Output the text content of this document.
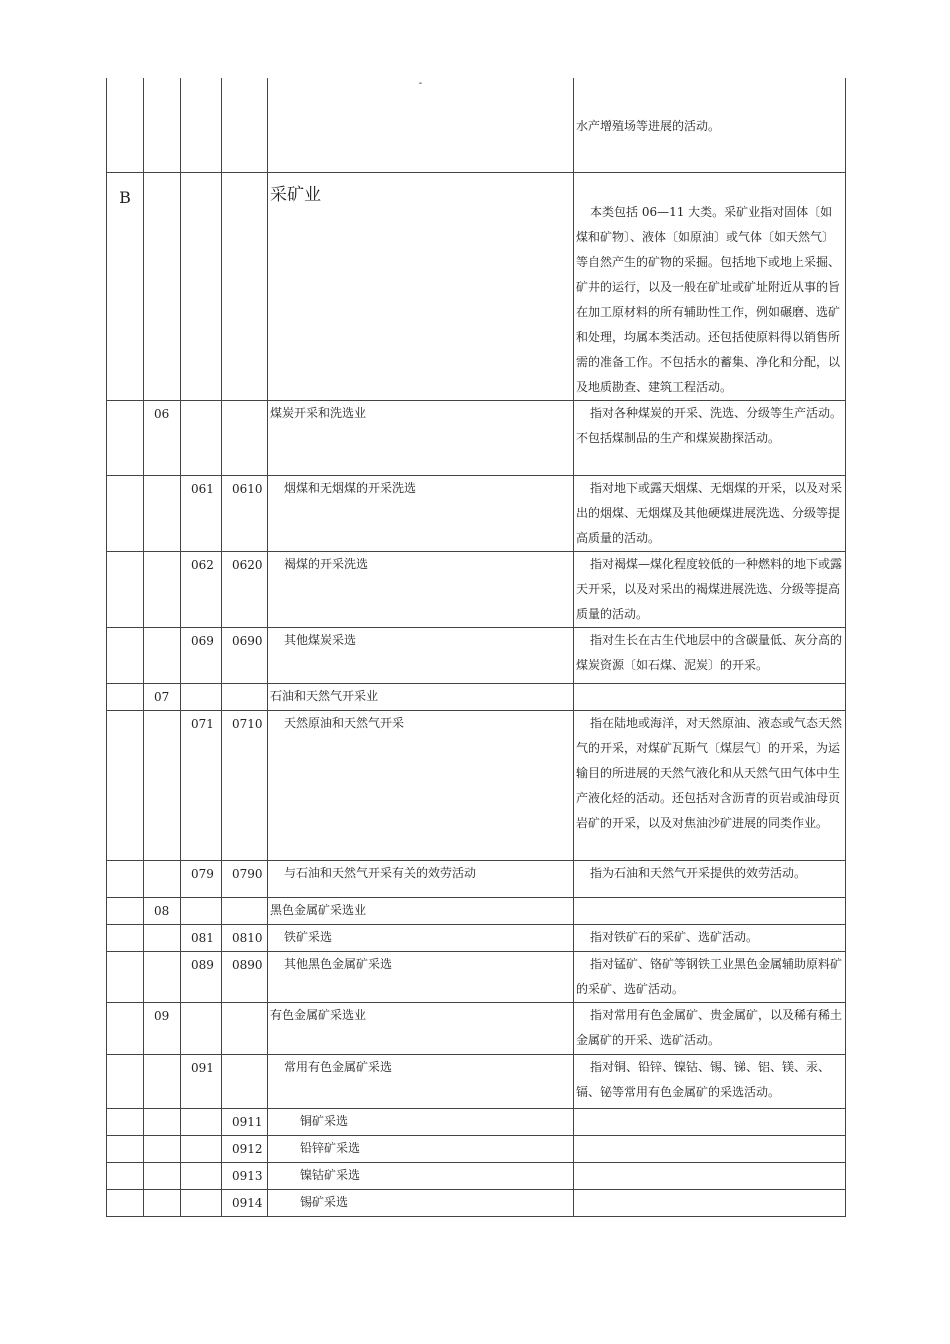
				-	水产增殖场等进展的活动。

B				采矿业	本类包括 06—11 大类。采矿业指对固体〔如煤和矿物〕、液体〔如原油〕或气体〔如天然气〕等自然产生的矿物的采掘。包括地下或地上采掘、矿井的运行，以及一般在矿址或矿址附近从事的旨在加工原材料的所有辅助性工作，例如碾磨、选矿和处理，均属本类活动。还包括使原料得以销售所需的准备工作。不包括水的蓄集、净化和分配，以及地质勘查、建筑工程活动。

	06			煤炭开采和洗选业	指对各种煤炭的开采、洗选、分级等生产活动。不包括煤制品的生产和煤炭勘探活动。

		061	0610	烟煤和无烟煤的开采洗选	指对地下或露天烟煤、无烟煤的开采，以及对采出的烟煤、无烟煤及其他硬煤进展洗选、分级等提高质量的活动。

		062	0620	褐煤的开采洗选	指对褐煤—煤化程度较低的一种燃料的地下或露天开采，以及对采出的褐煤进展洗选、分级等提高质量的活动。

		069	0690	其他煤炭采选	指对生长在古生代地层中的含碳量低、灰分高的煤炭资源〔如石煤、泥炭〕的开采。

	07			石油和天然气开采业	

		071	0710	天然原油和天然气开采	指在陆地或海洋，对天然原油、液态或气态天然气的开采，对煤矿瓦斯气〔煤层气〕的开采，为运输目的所进展的天然气液化和从天然气田气体中生产液化烃的活动。还包括对含沥青的页岩或油母页岩矿的开采，以及对焦油沙矿进展的同类作业。

		079	0790	与石油和天然气开采有关的效劳活动	指为石油和天然气开采提供的效劳活动。

	08			黑色金属矿采选业	

		081	0810	铁矿采选	指对铁矿石的采矿、选矿活动。

		089	0890	其他黑色金属矿采选	指对锰矿、铬矿等钢铁工业黑色金属辅助原料矿的采矿、选矿活动。

	09			有色金属矿采选业	指对常用有色金属矿、贵金属矿，以及稀有稀土金属矿的开采、选矿活动。

		091		常用有色金属矿采选	指对铜、铅锌、镍钴、锡、锑、铝、镁、汞、镉、铋等常用有色金属矿的采选活动。

			0911	铜矿采选	

			0912	铅锌矿采选	

			0913	镍钴矿采选	

			0914	锡矿采选	
